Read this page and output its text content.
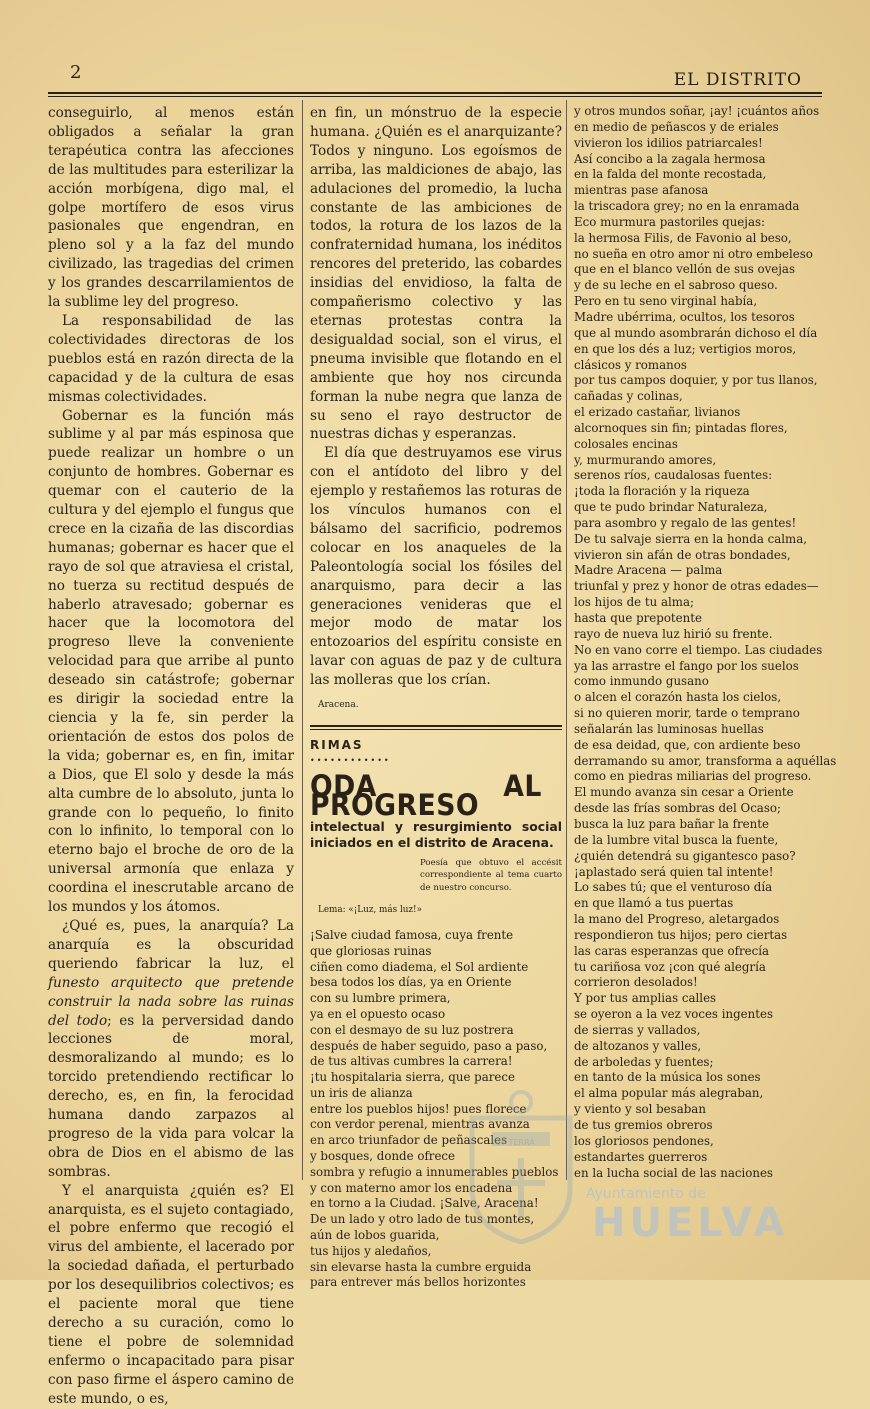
2	EL DISTRITO

conseguirlo, al menos están obligados a señalar la gran terapéutica contra las afecciones de las multitudes para esterilizar la acción morbígena, digo mal, el golpe mortífero de esos virus pasionales que engendran, en pleno sol y a la faz del mundo civilizado, las tragedias del crimen y los grandes descarrilamientos de la sublime ley del progreso.

La responsabilidad de las colectividades directoras de los pueblos está en razón directa de la capacidad y de la cultura de esas mismas colectividades.

Gobernar es la función más sublime y al par más espinosa que puede realizar un hombre o un conjunto de hombres. Gobernar es quemar con el cauterio de la cultura y del ejemplo el fungus que crece en la cizaña de las discordias humanas; gobernar es hacer que el rayo de sol que atraviesa el cristal, no tuerza su rectitud después de haberlo atravesado; gobernar es hacer que la locomotora del progreso lleve la conveniente velocidad para que arribe al punto deseado sin catástrofe; gobernar es dirigir la sociedad entre la ciencia y la fe, sin perder la orientación de estos dos polos de la vida; gobernar es, en fin, imitar a Dios, que El solo y desde la más alta cumbre de lo absoluto, junta lo grande con lo pequeño, lo finito con lo infinito, lo temporal con lo eterno bajo el broche de oro de la universal armonía que enlaza y coordina el inescrutable arcano de los mundos y los átomos.

¿Qué es, pues, la anarquía? La anarquía es la obscuridad queriendo fabricar la luz, el funesto arquitecto que pretende construir la nada sobre las ruinas del todo; es la perversidad dando lecciones de moral, desmoralizando al mundo; es lo torcido pretendiendo rectificar lo derecho, es, en fin, la ferocidad humana dando zarpazos al progreso de la vida para volcar la obra de Dios en el abismo de las sombras.

Y el anarquista ¿quién es? El anarquista, es el sujeto contagiado, el pobre enfermo que recogió el virus del ambiente, el lacerado por la sociedad dañada, el perturbado por los desequilibrios colectivos; es el paciente moral que tiene derecho a su curación, como lo tiene el pobre de solemnidad enfermo o incapacitado para pisar con paso firme el áspero camino de este mundo, o es,

en fin, un mónstruo de la especie humana. ¿Quién es el anarquizante? Todos y ninguno. Los egoísmos de arriba, las maldiciones de abajo, las adulaciones del promedio, la lucha constante de las ambiciones de todos, la rotura de los lazos de la confraternidad humana, los inéditos rencores del preterido, las cobardes insidias del envidioso, la falta de compañerismo colectivo y las eternas protestas contra la desigualdad social, son el virus, el pneuma invisible que flotando en el ambiente que hoy nos circunda forman la nube negra que lanza de su seno el rayo destructor de nuestras dichas y esperanzas.

El día que destruyamos ese virus con el antídoto del libro y del ejemplo y restañemos las roturas de los vínculos humanos con el bálsamo del sacrificio, podremos colocar en los anaqueles de la Paleontología social los fósiles del anarquismo, para decir a las generaciones venideras que el mejor modo de matar los entozoarios del espíritu consiste en lavar con aguas de paz y de cultura las molleras que los crían.

Aracena.
RIMAS
••••••••••••
ODA AL PROGRESO
intelectual y resurgimiento social iniciados en el distrito de Aracena.
Poesía que obtuvo el accésit correspondiente al tema cuarto de nuestro concurso.
Lema: «¡Luz, más luz!»
¡Salve ciudad famosa, cuya frente
que gloriosas ruinas
ciñen como diadema, el Sol ardiente
besa todos los días, ya en Oriente
con su lumbre primera,
ya en el opuesto ocaso
con el desmayo de su luz postrera
después de haber seguido, paso a paso,
de tus altivas cumbres la carrera!
¡tu hospitalaria sierra, que parece
un iris de alianza
entre los pueblos hijos! pues florece
con verdor perenal, mientras avanza
en arco triunfador de peñascales
y bosques, donde ofrece
sombra y refugio a innumerables pueblos
y con materno amor los encadena
en torno a la Ciudad. ¡Salve, Aracena!
De un lado y otro lado de tus montes,
aún de lobos guarida,
tus hijos y aledaños,
sin elevarse hasta la cumbre erguida
para entrever más bellos horizontes
y otros mundos soñar, ¡ay! ¡cuántos años
en medio de peñascos y de eriales
vivieron los idilios patriarcales!
Así concibo a la zagala hermosa
en la falda del monte recostada,
mientras pase afanosa
la triscadora grey; no en la enramada
Eco murmura pastoriles quejas:
la hermosa Filis, de Favonio al beso,
no sueña en otro amor ni otro embeleso
que en el blanco vellón de sus ovejas
y de su leche en el sabroso queso.
Pero en tu seno virginal había,
Madre ubérrima, ocultos, los tesoros
que al mundo asombrarán dichoso el día
en que los dés a luz; vertigios moros,
clásicos y romanos
por tus campos doquier, y por tus llanos,
cañadas y colinas,
el erizado castañar, livianos
alcornoques sin fin; pintadas flores,
colosales encinas
y, murmurando amores,
serenos ríos, caudalosas fuentes:
¡toda la floración y la riqueza
que te pudo brindar Naturaleza,
para asombro y regalo de las gentes!
De tu salvaje sierra en la honda calma,
vivieron sin afán de otras bondades,
Madre Aracena — palma
triunfal y prez y honor de otras edades—
los hijos de tu alma;
hasta que prepotente
rayo de nueva luz hirió su frente.
No en vano corre el tiempo. Las ciudades
ya las arrastre el fango por los suelos
como inmundo gusano
o alcen el corazón hasta los cielos,
si no quieren morir, tarde o temprano
señalarán las luminosas huellas
de esa deidad, que, con ardiente beso
derramando su amor, transforma a aquéllas
como en piedras miliarias del progreso.
El mundo avanza sin cesar a Oriente
desde las frías sombras del Ocaso;
busca la luz para bañar la frente
de la lumbre vital busca la fuente,
¿quién detendrá su gigantesco paso?
¡aplastado será quien tal intente!
Lo sabes tú; que el venturoso día
en que llamó a tus puertas
la mano del Progreso, aletargados
respondieron tus hijos; pero ciertas
las caras esperanzas que ofrecía
tu cariñosa voz ¡con qué alegría
corrieron desolados!
Y por tus amplias calles
se oyeron a la vez voces ingentes
de sierras y vallados,
de altozanos y valles,
de arboledas y fuentes;
en tanto de la música los sones
el alma popular más alegraban,
y viento y sol besaban
de tus gremios obreros
los gloriosos pendones,
estandartes guerreros
en la lucha social de las naciones
Ayuntamiento de
HUELVA
ET TERRA
